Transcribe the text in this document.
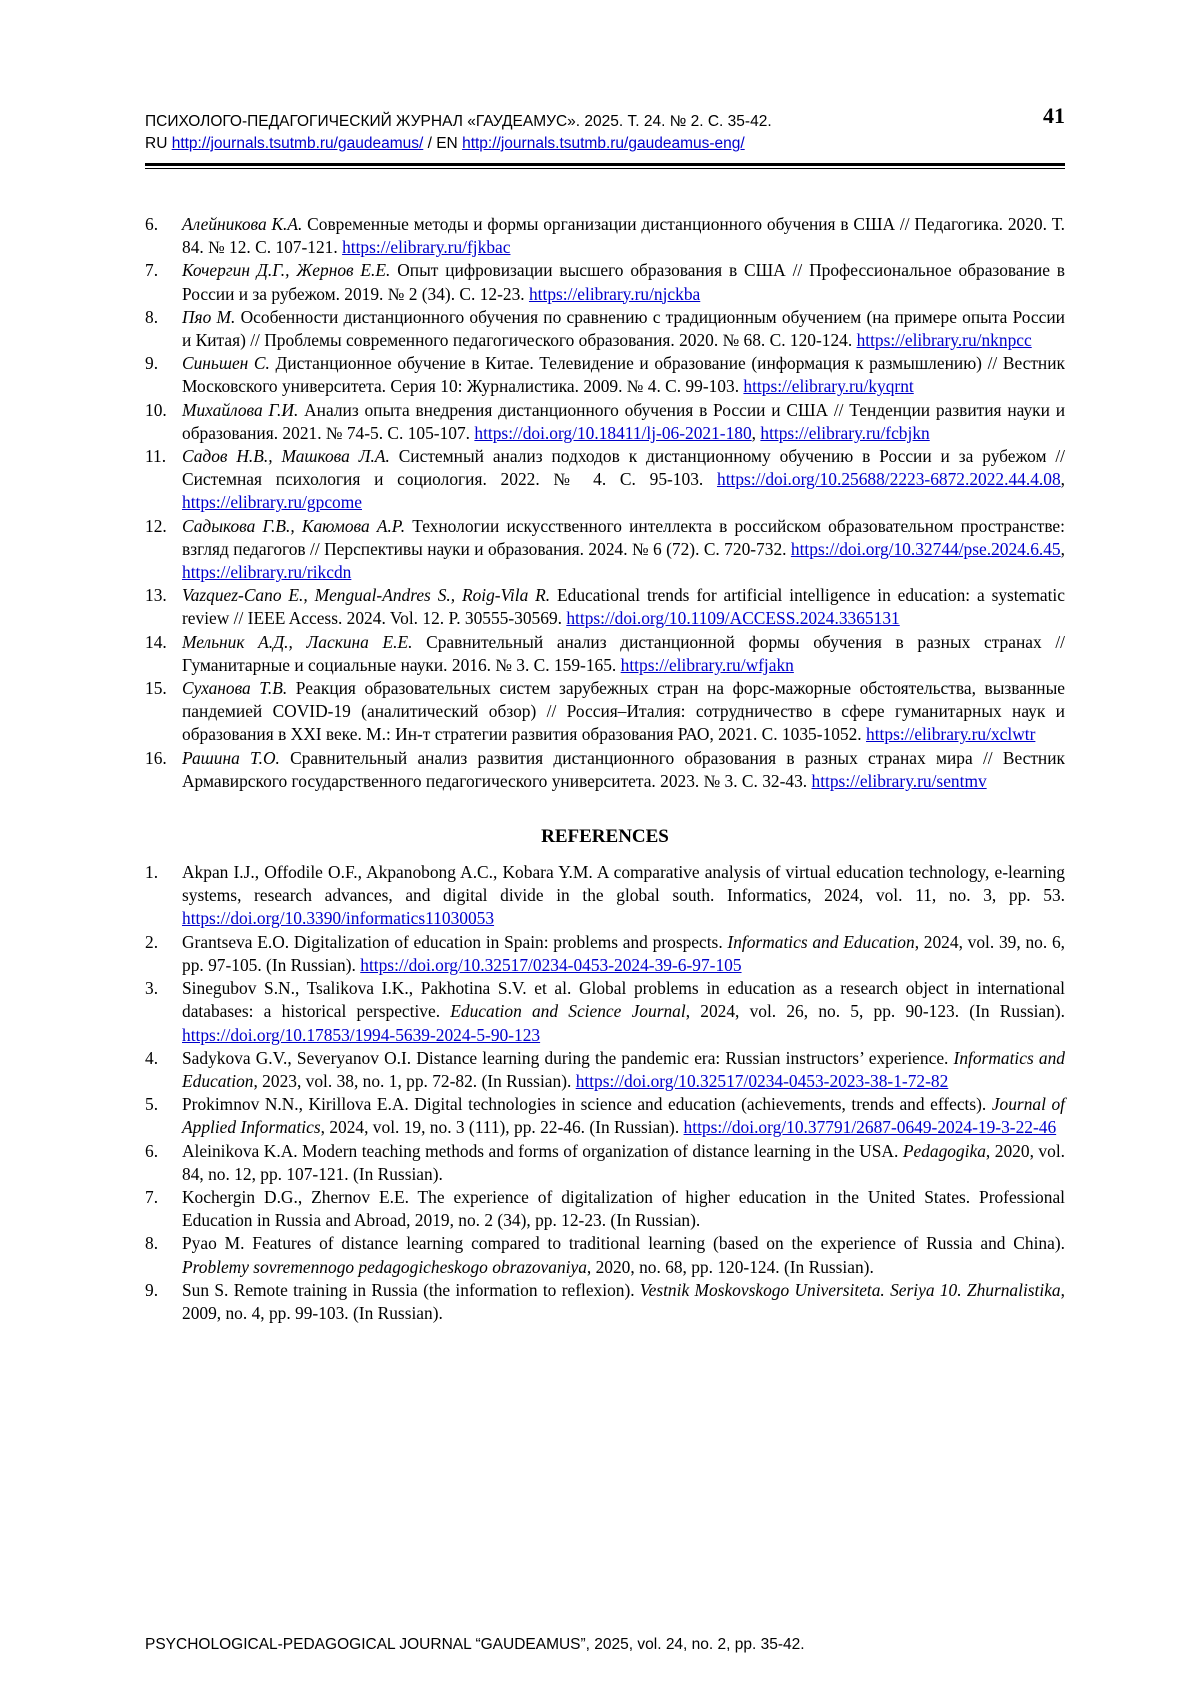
ПСИХОЛОГО-ПЕДАГОГИЧЕСКИЙ ЖУРНАЛ «ГАУДЕАМУС». 2025. Т. 24. № 2. С. 35-42.
RU http://journals.tsutmb.ru/gaudeamus/ / EN http://journals.tsutmb.ru/gaudeamus-eng/
41
6. Алейникова К.А. Современные методы и формы организации дистанционного обучения в США // Педагогика. 2020. Т. 84. № 12. С. 107-121. https://elibrary.ru/fjkbac
7. Кочергин Д.Г., Жернов Е.Е. Опыт цифровизации высшего образования в США // Профессиональное образование в России и за рубежом. 2019. № 2 (34). С. 12-23. https://elibrary.ru/njckba
8. Пяо М. Особенности дистанционного обучения по сравнению с традиционным обучением (на примере опыта России и Китая) // Проблемы современного педагогического образования. 2020. № 68. С. 120-124. https://elibrary.ru/nknpcc
9. Синьшен С. Дистанционное обучение в Китае. Телевидение и образование (информация к размышлению) // Вестник Московского университета. Серия 10: Журналистика. 2009. № 4. С. 99-103. https://elibrary.ru/kyqrnt
10. Михайлова Г.И. Анализ опыта внедрения дистанционного обучения в России и США // Тенденции развития науки и образования. 2021. № 74-5. С. 105-107. https://doi.org/10.18411/lj-06-2021-180, https://elibrary.ru/fcbjkn
11. Садов Н.В., Машкова Л.А. Системный анализ подходов к дистанционному обучению в России и за рубежом // Системная психология и социология. 2022. № 4. С. 95-103. https://doi.org/10.25688/2223-6872.2022.44.4.08, https://elibrary.ru/gpcome
12. Садыкова Г.В., Каюмова А.Р. Технологии искусственного интеллекта в российском образовательном пространстве: взгляд педагогов // Перспективы науки и образования. 2024. № 6 (72). С. 720-732. https://doi.org/10.32744/pse.2024.6.45, https://elibrary.ru/rikcdn
13. Vazquez-Cano E., Mengual-Andres S., Roig-Vila R. Educational trends for artificial intelligence in education: a systematic review // IEEE Access. 2024. Vol. 12. P. 30555-30569. https://doi.org/10.1109/ACCESS.2024.3365131
14. Мельник А.Д., Ласкина Е.Е. Сравнительный анализ дистанционной формы обучения в разных странах // Гуманитарные и социальные науки. 2016. № 3. С. 159-165. https://elibrary.ru/wfjakn
15. Суханова Т.В. Реакция образовательных систем зарубежных стран на форс-мажорные обстоятельства, вызванные пандемией COVID-19 (аналитический обзор) // Россия–Италия: сотрудничество в сфере гуманитарных наук и образования в XXI веке. М.: Ин-т стратегии развития образования РАО, 2021. С. 1035-1052. https://elibrary.ru/xclwtr
16. Рашина Т.О. Сравнительный анализ развития дистанционного образования в разных странах мира // Вестник Армавирского государственного педагогического университета. 2023. № 3. С. 32-43. https://elibrary.ru/sentmv
REFERENCES
1. Akpan I.J., Offodile O.F., Akpanobong A.C., Kobara Y.M. A comparative analysis of virtual education technology, e-learning systems, research advances, and digital divide in the global south. Informatics, 2024, vol. 11, no. 3, pp. 53. https://doi.org/10.3390/informatics11030053
2. Grantseva E.O. Digitalization of education in Spain: problems and prospects. Informatics and Education, 2024, vol. 39, no. 6, pp. 97-105. (In Russian). https://doi.org/10.32517/0234-0453-2024-39-6-97-105
3. Sinegubov S.N., Tsalikova I.K., Pakhotina S.V. et al. Global problems in education as a research object in international databases: a historical perspective. Education and Science Journal, 2024, vol. 26, no. 5, pp. 90-123. (In Russian). https://doi.org/10.17853/1994-5639-2024-5-90-123
4. Sadykova G.V., Severyanov O.I. Distance learning during the pandemic era: Russian instructors’ experience. Informatics and Education, 2023, vol. 38, no. 1, pp. 72-82. (In Russian). https://doi.org/10.32517/0234-0453-2023-38-1-72-82
5. Prokimnov N.N., Kirillova E.A. Digital technologies in science and education (achievements, trends and effects). Journal of Applied Informatics, 2024, vol. 19, no. 3 (111), pp. 22-46. (In Russian). https://doi.org/10.37791/2687-0649-2024-19-3-22-46
6. Aleinikova K.A. Modern teaching methods and forms of organization of distance learning in the USA. Pedagogika, 2020, vol. 84, no. 12, pp. 107-121. (In Russian).
7. Kochergin D.G., Zhernov E.E. The experience of digitalization of higher education in the United States. Professional Education in Russia and Abroad, 2019, no. 2 (34), pp. 12-23. (In Russian).
8. Pyao M. Features of distance learning compared to traditional learning (based on the experience of Russia and China). Problemy sovremennogo pedagogicheskogo obrazovaniya, 2020, no. 68, pp. 120-124. (In Russian).
9. Sun S. Remote training in Russia (the information to reflexion). Vestnik Moskovskogo Universiteta. Seriya 10. Zhurnalistika, 2009, no. 4, pp. 99-103. (In Russian).
PSYCHOLOGICAL-PEDAGOGICAL JOURNAL “GAUDEAMUS”, 2025, vol. 24, no. 2, pp. 35-42.
